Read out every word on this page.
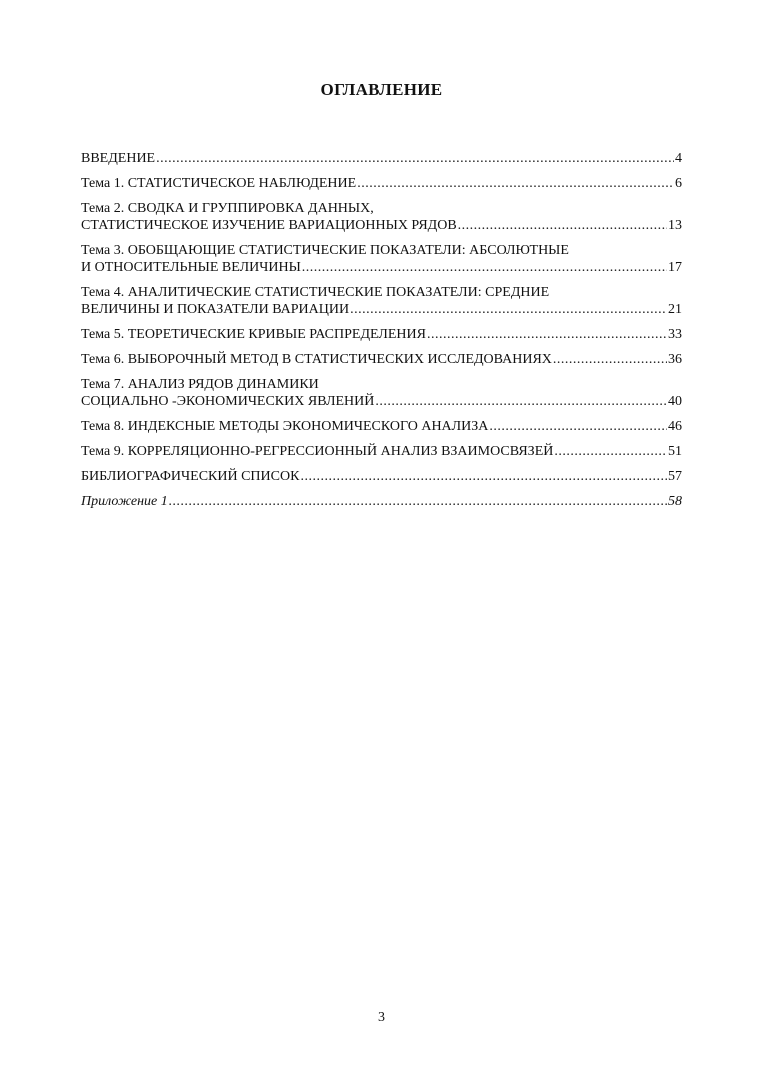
ОГЛАВЛЕНИЕ
ВВЕДЕНИЕ .....	4
Тема 1. СТАТИСТИЧЕСКОЕ НАБЛЮДЕНИЕ .....	6
Тема 2. СВОДКА И ГРУППИРОВКА ДАННЫХ,
СТАТИСТИЧЕСКОЕ ИЗУЧЕНИЕ ВАРИАЦИОННЫХ РЯДОВ .....	13
Тема 3. ОБОБЩАЮЩИЕ СТАТИСТИЧЕСКИЕ ПОКАЗАТЕЛИ: АБСОЛЮТНЫЕ
И ОТНОСИТЕЛЬНЫЕ ВЕЛИЧИНЫ .....	17
Тема 4. АНАЛИТИЧЕСКИЕ СТАТИСТИЧЕСКИЕ ПОКАЗАТЕЛИ: СРЕДНИЕ
ВЕЛИЧИНЫ И ПОКАЗАТЕЛИ ВАРИАЦИИ .....	21
Тема 5. ТЕОРЕТИЧЕСКИЕ КРИВЫЕ РАСПРЕДЕЛЕНИЯ .....	33
Тема 6. ВЫБОРОЧНЫЙ МЕТОД В СТАТИСТИЧЕСКИХ ИССЛЕДОВАНИЯХ .....	36
Тема 7. АНАЛИЗ РЯДОВ ДИНАМИКИ
СОЦИАЛЬНО -ЭКОНОМИЧЕСКИХ ЯВЛЕНИЙ .....	40
Тема 8. ИНДЕКСНЫЕ МЕТОДЫ ЭКОНОМИЧЕСКОГО АНАЛИЗА .....	46
Тема 9. КОРРЕЛЯЦИОННО-РЕГРЕССИОННЫЙ АНАЛИЗ ВЗАИМОСВЯЗЕЙ .....	51
БИБЛИОГРАФИЧЕСКИЙ СПИСОК .....	57
Приложение 1 .....	58
3
